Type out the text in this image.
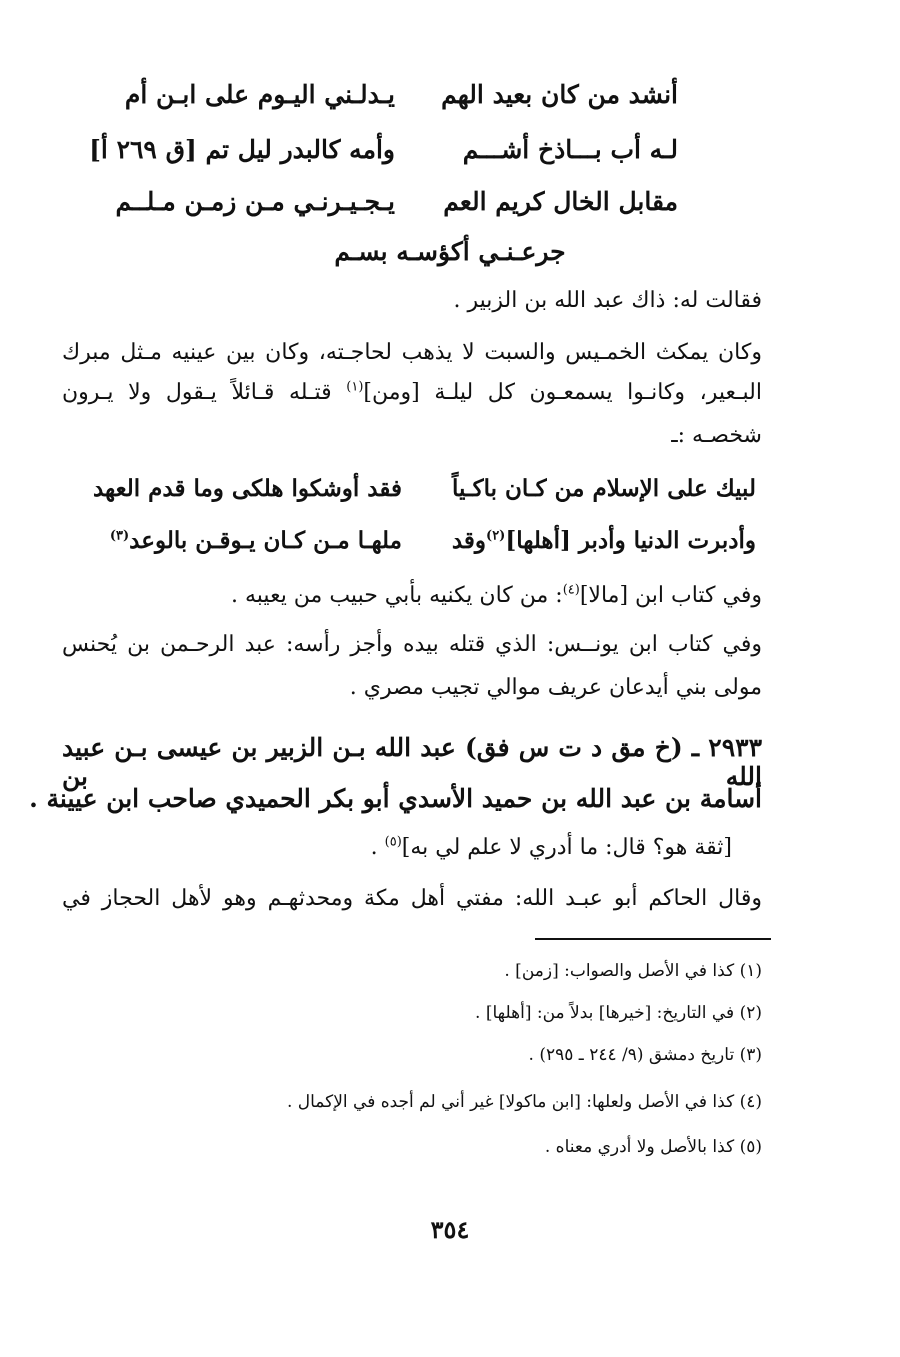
أنشد من كان بعيد الهم
يـدلـني اليـوم على ابـن أم
لـه أب بـــاذخ أشـــم
وأمه كالبدر ليل تم [ق ٢٦٩ أ]
مقابل الخال كريم العم
يـجـيـرنـي مـن زمـن مـلــم
جرعـنـي أكؤسـه بسـم
فقالت له: ذاك عبد الله بن الزبير .
وكان يمكث الخمـيس والسبت لا يذهب لحاجـته، وكان بين عينيه مـثل مبرك
البـعير، وكانـوا يسمعـون كل ليلـة [ومن]$^{(١)}$ قتـله قـائلاً يـقول ولا يـرون
شخصـه :ـ
لبيك على الإسلام من كـان باكـياً
فقد أوشكوا هلكى وما قدم العهد
وأدبرت الدنيا وأدبر [أهلها]$^{(٢)}$وقد
ملهـا مـن كـان يـوقـن بالوعد$^{(٣)}$
وفي كتاب ابن [مالا]$^{(٤)}$: من كان يكنيه بأبي حبيب من يعيبه .
وفي كتاب ابن يونــس: الذي قتله بيده وأجز رأسه: عبد الرحـمن بن يُحنس
مولى بني أيدعان عريف موالي تجيب مصري .
٢٩٣٣ ـ (خ مق د ت س فق) عبد الله بـن الزبير بن عيسى بـن عبيد الله بن
أسامة بن عبد الله بن حميد الأسدي أبو بكر الحميدي صاحب ابن عيينة .
[ثقة هو؟ قال: ما أدري لا علم لي به]$^{(٥)}$ .
وقال الحاكم أبو عبـد الله: مفتي أهل مكة ومحدثهـم وهو لأهل الحجاز في
(١) كذا في الأصل والصواب: [زمن] .
(٢) في التاريخ: [خيرها] بدلاً من: [أهلها] .
(٣) تاريخ دمشق (٩/ ٢٤٤ ـ ٢٩٥) .
(٤) كذا في الأصل ولعلها: [ابن ماكولا] غير أني لم أجده في الإكمال .
(٥) كذا بالأصل ولا أدري معناه .
٣٥٤
